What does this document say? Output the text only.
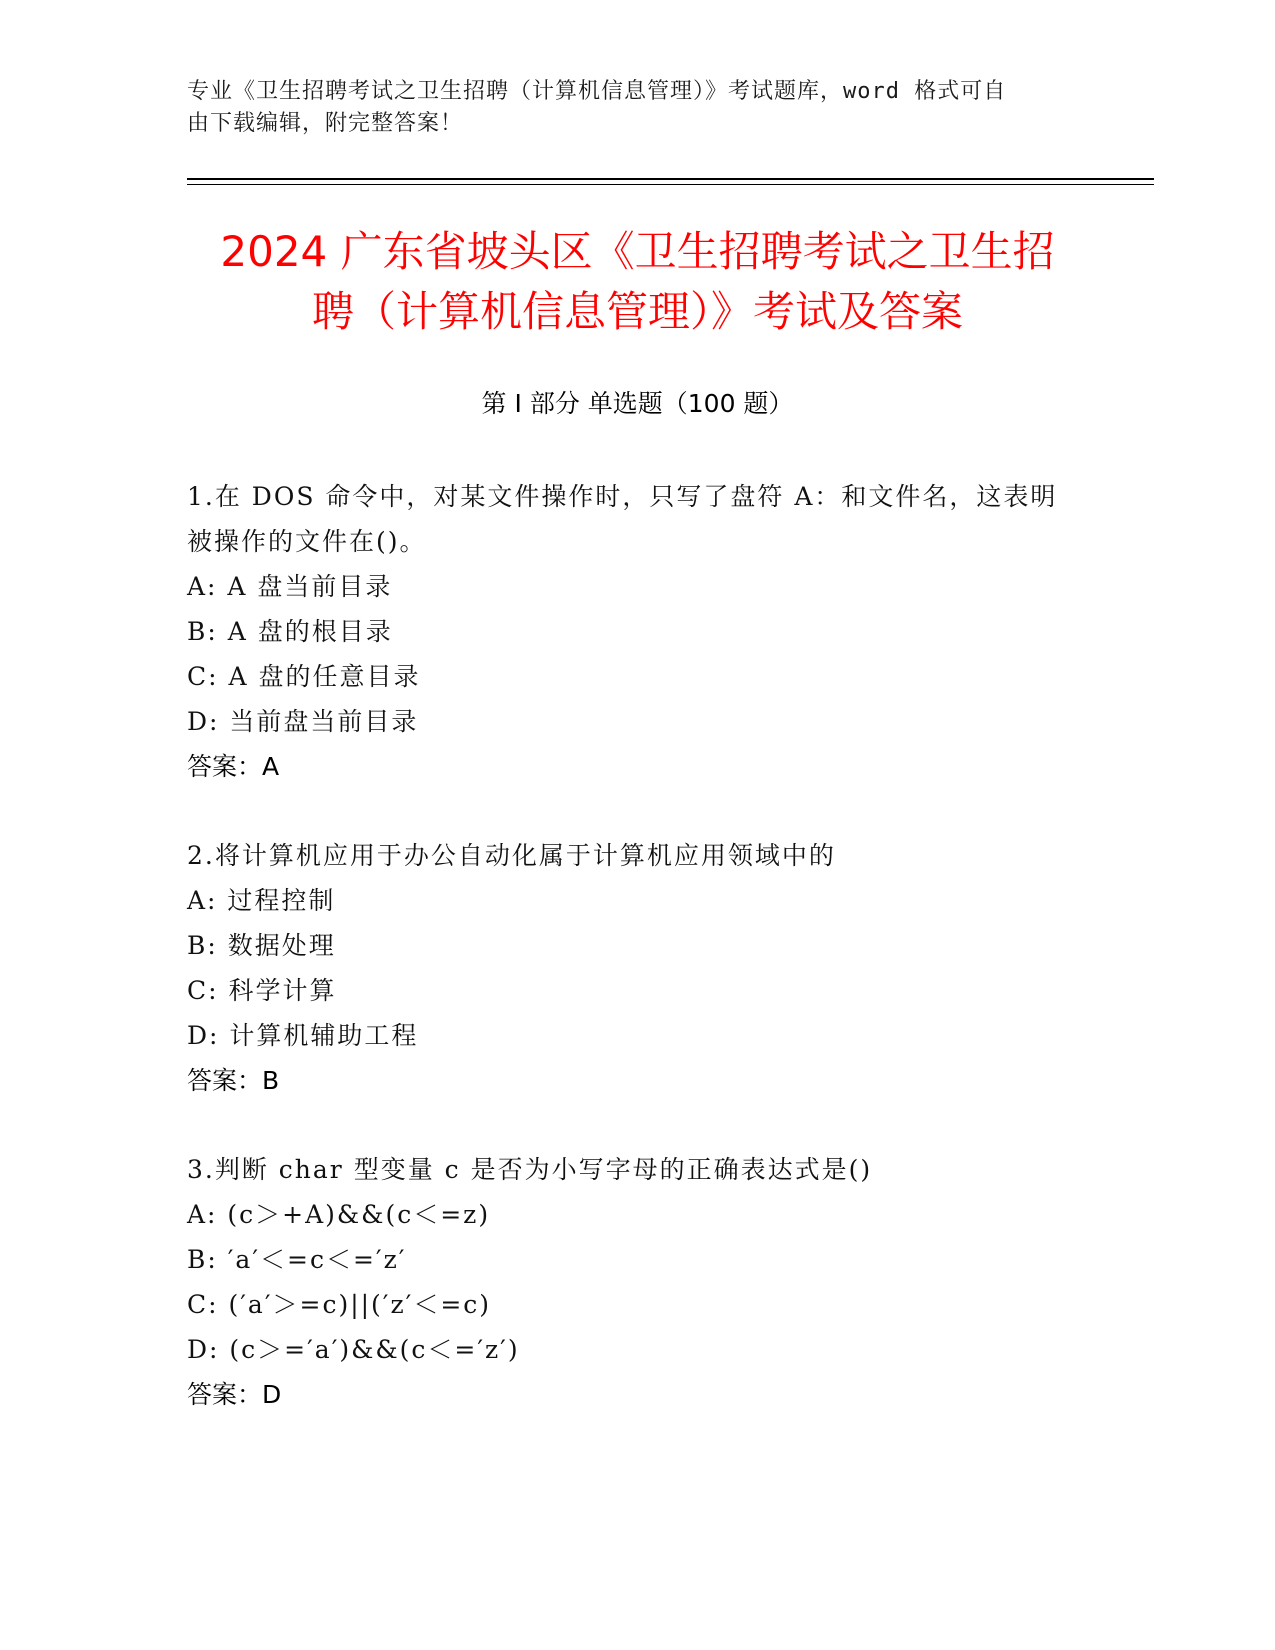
专业《卫生招聘考试之卫生招聘（计算机信息管理）》考试题库，word 格式可自
由下载编辑，附完整答案！
2024 广东省坡头区《卫生招聘考试之卫生招
聘（计算机信息管理）》考试及答案
第 I 部分 单选题（100 题）

1.在 DOS 命令中，对某文件操作时，只写了盘符 A：和文件名，这表明
被操作的文件在()。

A: A 盘当前目录

B: A 盘的根目录

C: A 盘的任意目录

D: 当前盘当前目录

答案：A

2.将计算机应用于办公自动化属于计算机应用领域中的

A: 过程控制

B: 数据处理

C: 科学计算

D: 计算机辅助工程

答案：B

3.判断 char 型变量 c 是否为小写字母的正确表达式是()

A: (c＞+A)&&(c＜=z)

B: ′a′＜=c＜=′z′

C: (′a′＞=c)||(′z′＜=c)

D: (c＞=′a′)&&(c＜=′z′)

答案：D
